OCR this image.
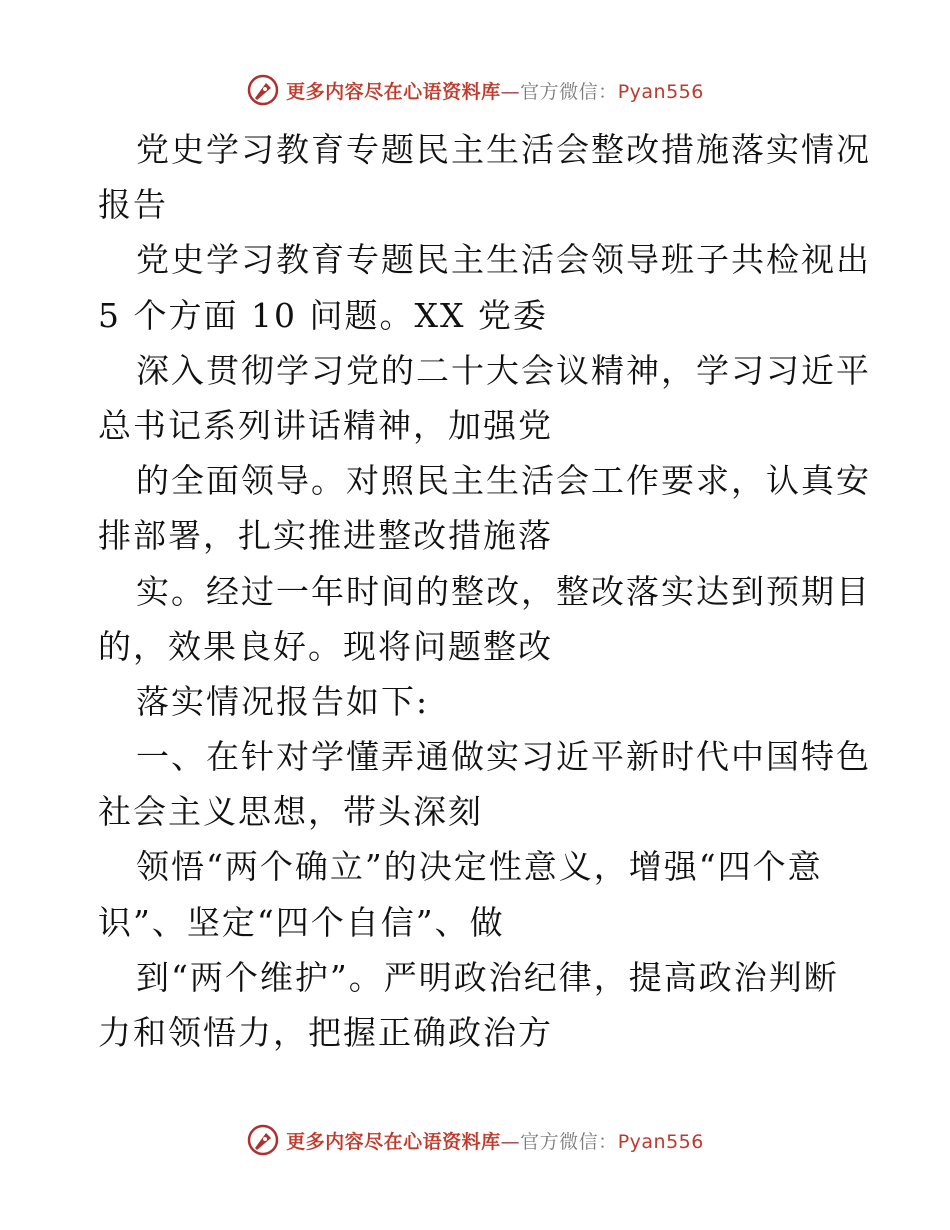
更多内容尽在心语资料库—官方微信：Pyan556
党史学习教育专题民主生活会整改措施落实情况
报告
党史学习教育专题民主生活会领导班子共检视出
5 个方面 10 问题。XX 党委
深入贯彻学习党的二十大会议精神，学习习近平
总书记系列讲话精神，加强党
的全面领导。对照民主生活会工作要求，认真安
排部署，扎实推进整改措施落
实。经过一年时间的整改，整改落实达到预期目
的，效果良好。现将问题整改
落实情况报告如下:
一、在针对学懂弄通做实习近平新时代中国特色
社会主义思想，带头深刻
领悟“两个确立”的决定性意义，增强“四个意
识”、坚定“四个自信”、做
到“两个维护”。严明政治纪律，提高政治判断
力和领悟力，把握正确政治方
更多内容尽在心语资料库—官方微信：Pyan556
